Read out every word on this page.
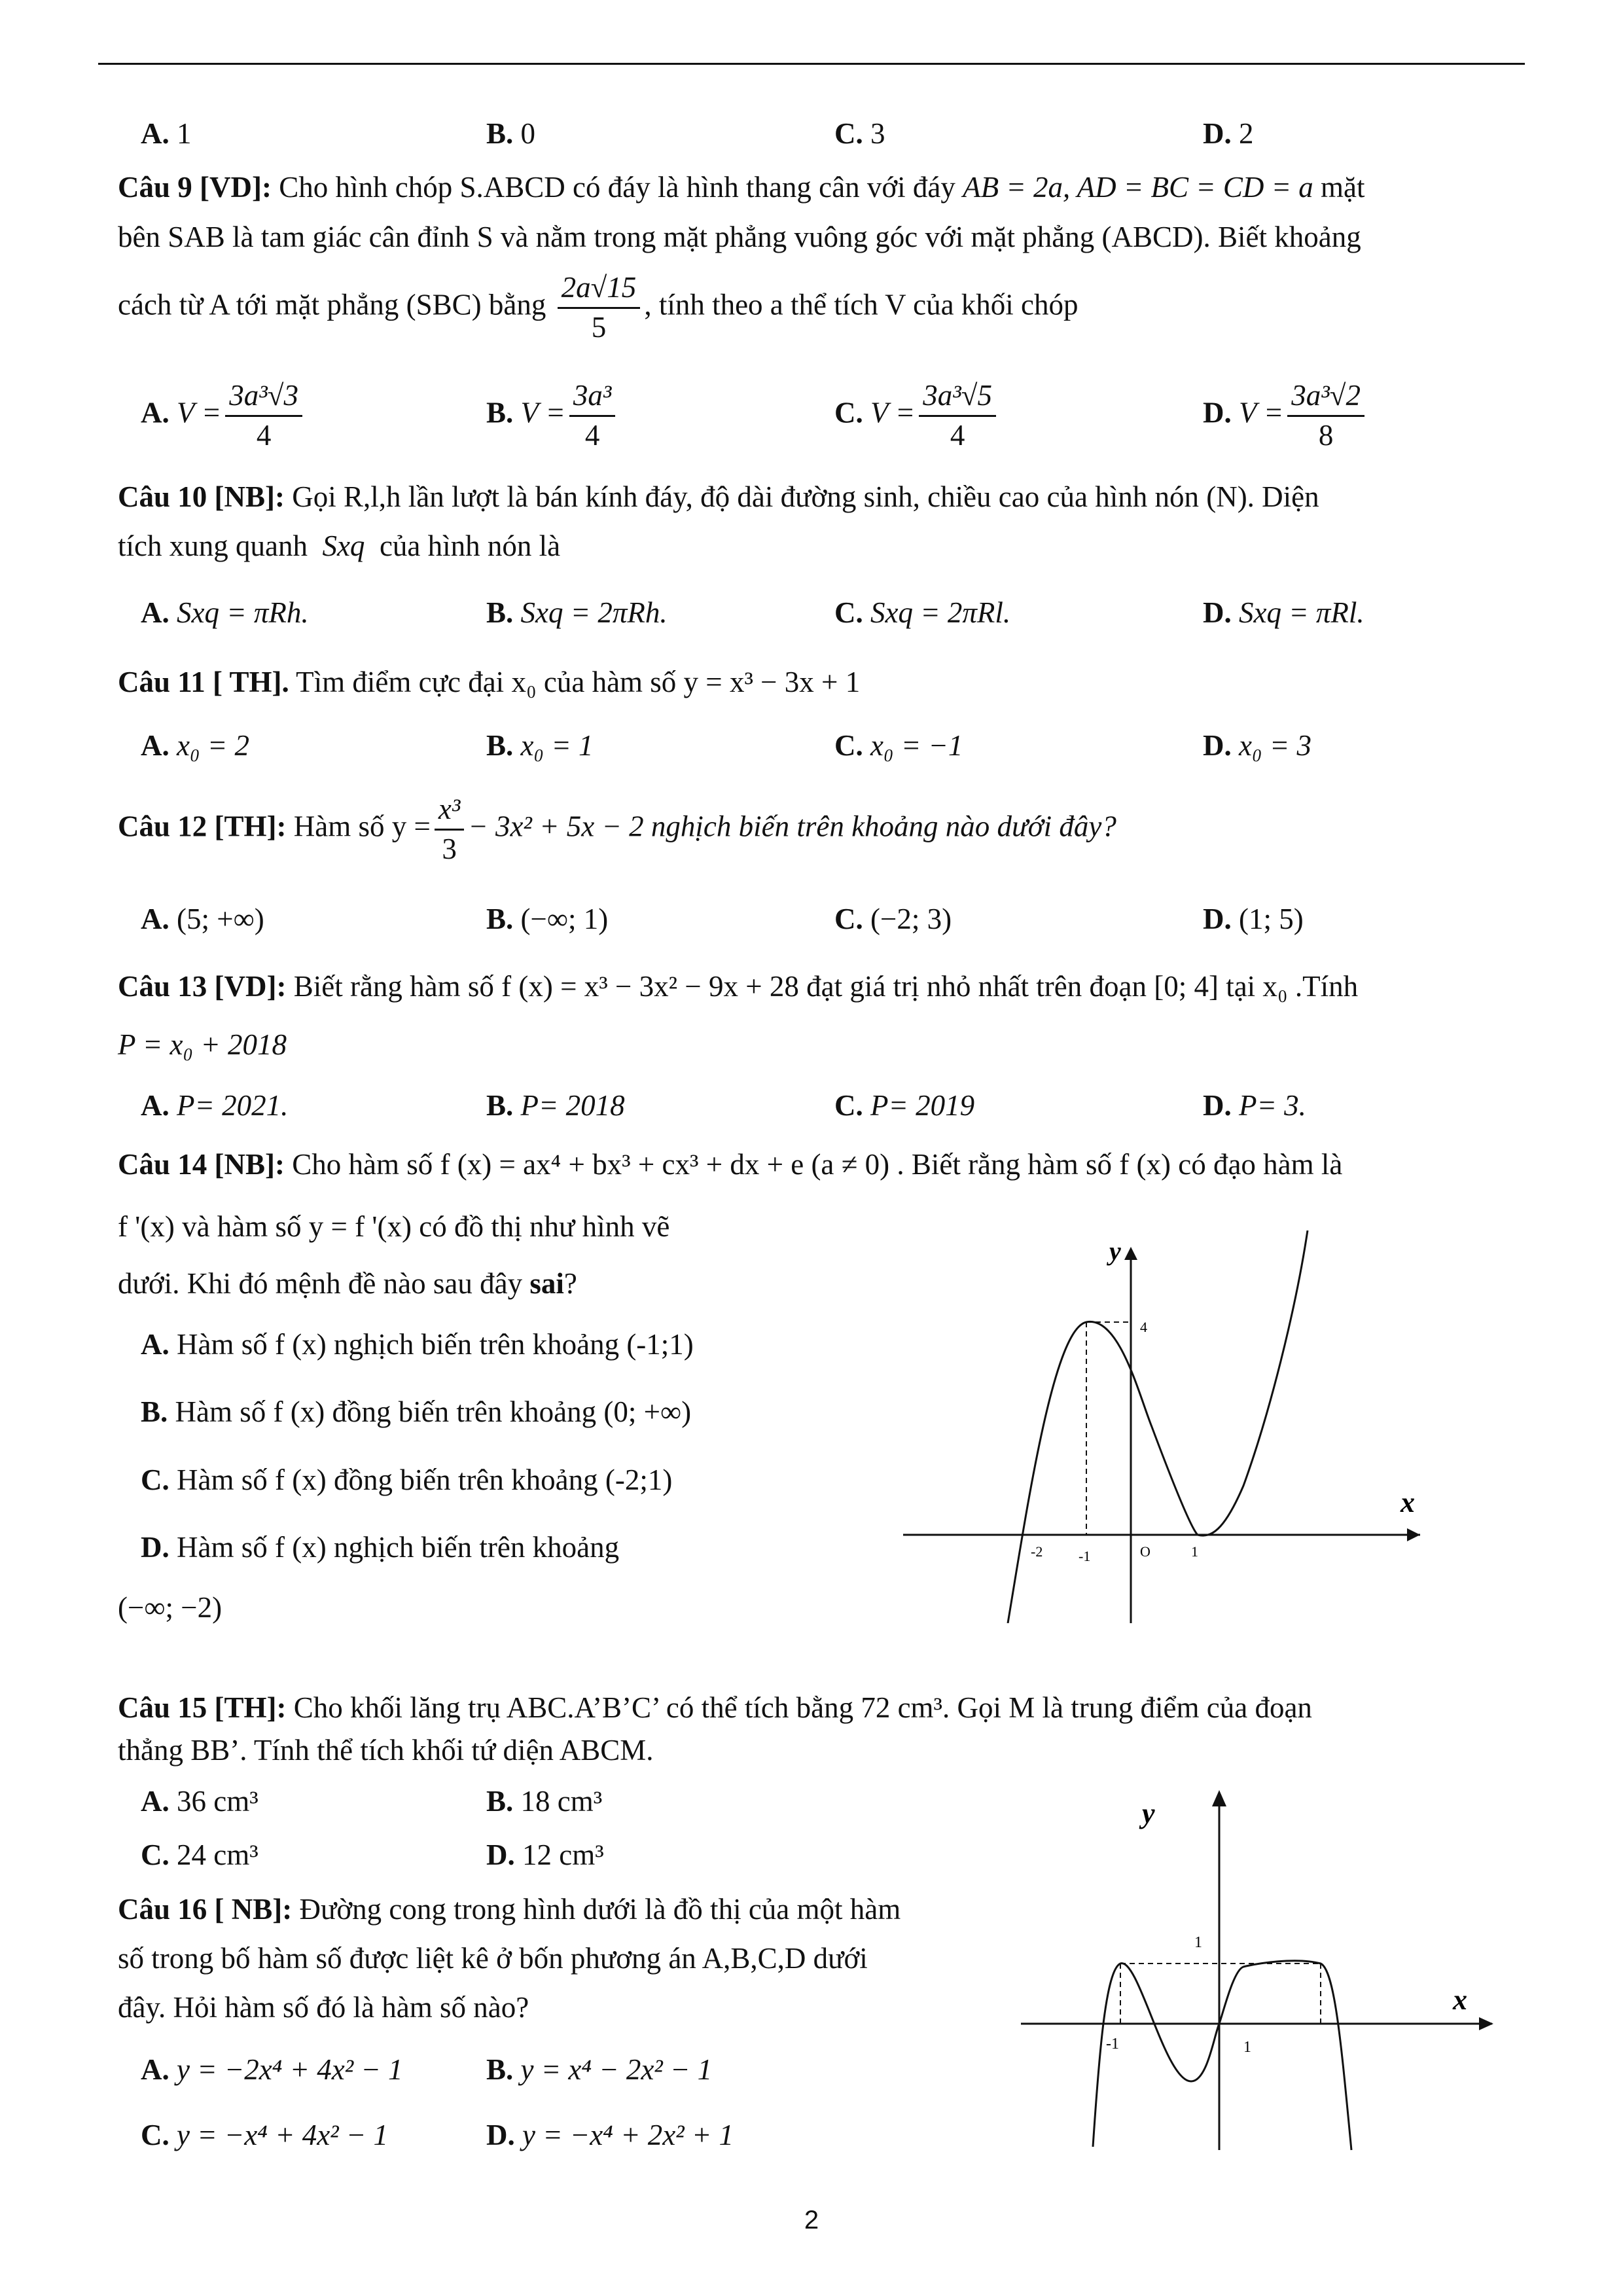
A. 1	B. 0	C. 3	D. 2
Câu 9 [VD]: Cho hình chóp S.ABCD có đáy là hình thang cân với đáy AB = 2a, AD = BC = CD = a mặt
bên SAB là tam giác cân đỉnh S và nằm trong mặt phẳng vuông góc với mặt phẳng (ABCD). Biết khoảng
cách từ A tới mặt phẳng (SBC) bằng $\frac{2a√15}{5}$ , tính theo a thể tích V của khối chóp
A. $V = \frac{\text{3a³√3}}{4}$	B. $V = \frac{\text{3a³}}{4}$	C. $V = \frac{\text{3a³√5}}{4}$	D. $V = \frac{\text{3a³√2}}{8}$
Câu 10 [NB]: Gọi R,l,h lần lượt là bán kính đáy, độ dài đường sinh, chiều cao của hình nón (N). Diện
tích xung quanh Sxq của hình nón là
A. Sxq = πRh.	B. Sxq = 2πRh.	C. Sxq = 2πRl.	D. Sxq = πRl.
Câu 11 [ TH]. Tìm điểm cực đại x₀ của hàm số y = x³ − 3x + 1
A. x₀ = 2	B. x₀ = 1	C. x₀ = −1	D. x₀ = 3
Câu 12 [TH]: Hàm số $y = \frac{\text{x³}}{3} - 3x^2 + 5x - 2$ nghịch biến trên khoảng nào dưới đây?
A. (5; +∞)	B. (−∞; 1)	C. (−2; 3)	D. (1; 5)
Câu 13 [VD]: Biết rằng hàm số f (x) = x³ − 3x² − 9x + 28 đạt giá trị nhỏ nhất trên đoạn [0; 4] tại x₀ .Tính
P = x₀ + 2018
A. P= 2021.	B. P= 2018	C. P= 2019	D. P= 3.
Câu 14 [NB]: Cho hàm số f (x) = ax⁴ + bx³ + cx³ + dx + e (a ≠ 0) . Biết rằng hàm số f (x) có đạo hàm là
f '(x) và hàm số y = f '(x) có đồ thị như hình vẽ
dưới. Khi đó mệnh đề nào sau đây sai?
A. Hàm số f (x) nghịch biến trên khoảng (-1;1)
B. Hàm số f (x) đồng biến trên khoảng (0; +∞)
C. Hàm số f (x) đồng biến trên khoảng (-2;1)
D. Hàm số f (x) nghịch biến trên khoảng
(−∞; −2)
y
x
4
-2 -1	O	1
Câu 15 [TH]: Cho khối lăng trụ ABC.A’B’C’ có thể tích bằng 72 cm³. Gọi M là trung điểm của đoạn
thẳng BB’. Tính thể tích khối tứ diện ABCM.
A. 36 cm³	B. 18 cm³
C. 24 cm³	D. 12 cm³
Câu 16 [ NB]: Đường cong trong hình dưới là đồ thị của một hàm
số trong bố hàm số được liệt kê ở bốn phương án A,B,C,D dưới
đây. Hỏi hàm số đó là hàm số nào?
A. y = −2x⁴ + 4x² − 1	B. y = x⁴ − 2x² − 1
C. y = −x⁴ + 4x² − 1	D. y = −x⁴ + 2x² + 1
y
x
1
-1	1
2
